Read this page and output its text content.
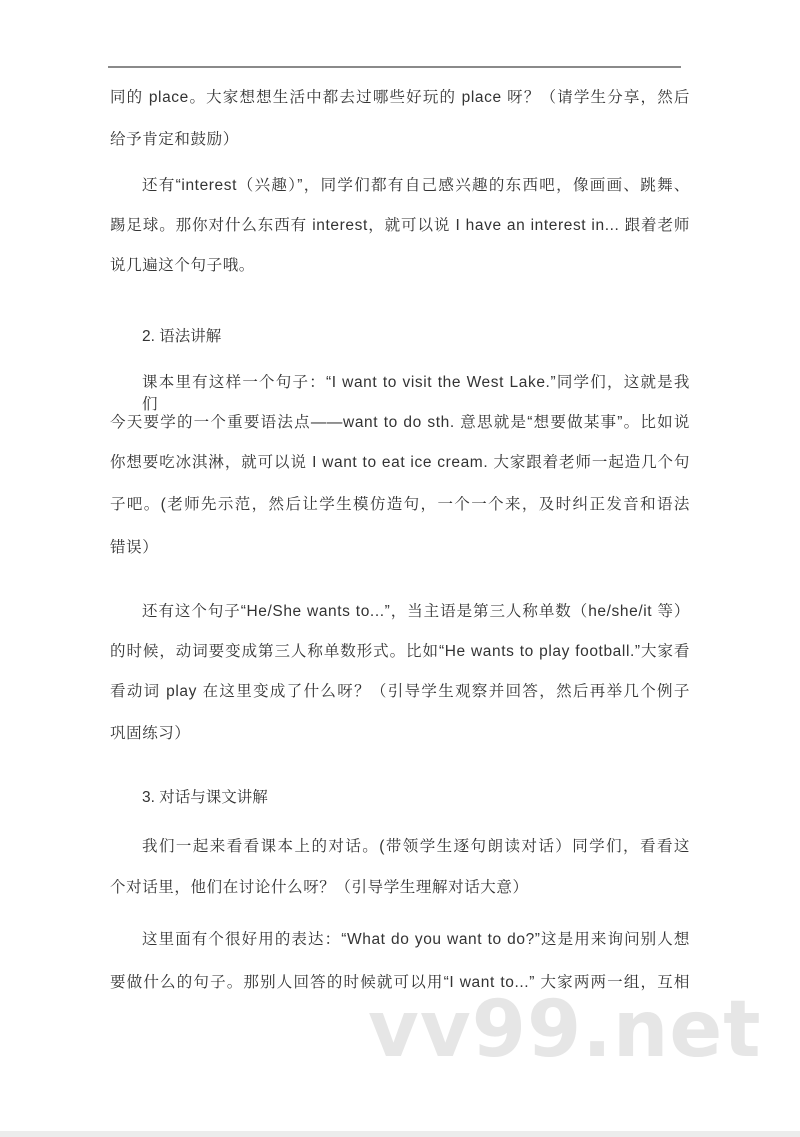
同的 place。大家想想生活中都去过哪些好玩的 place 呀？（请学生分享，然后
给予肯定和鼓励）
还有“interest（兴趣）”，同学们都有自己感兴趣的东西吧，像画画、跳舞、
踢足球。那你对什么东西有 interest，就可以说 I have an interest in... 跟着老师
说几遍这个句子哦。
2. 语法讲解
课本里有这样一个句子：“I want to visit the West Lake.”同学们，这就是我们
今天要学的一个重要语法点——want to do sth. 意思就是“想要做某事”。比如说
你想要吃冰淇淋，就可以说 I want to eat ice cream. 大家跟着老师一起造几个句
子吧。(老师先示范，然后让学生模仿造句，一个一个来，及时纠正发音和语法
错误）
还有这个句子“He/She wants to...”，当主语是第三人称单数（he/she/it 等）
的时候，动词要变成第三人称单数形式。比如“He wants to play football.”大家看
看动词 play 在这里变成了什么呀？（引导学生观察并回答，然后再举几个例子
巩固练习）
3. 对话与课文讲解
我们一起来看看课本上的对话。(带领学生逐句朗读对话）同学们，看看这
个对话里，他们在讨论什么呀？（引导学生理解对话大意）
这里面有个很好用的表达：“What do you want to do?”这是用来询问别人想
要做什么的句子。那别人回答的时候就可以用“I want to...” 大家两两一组，互相
vv99.net
